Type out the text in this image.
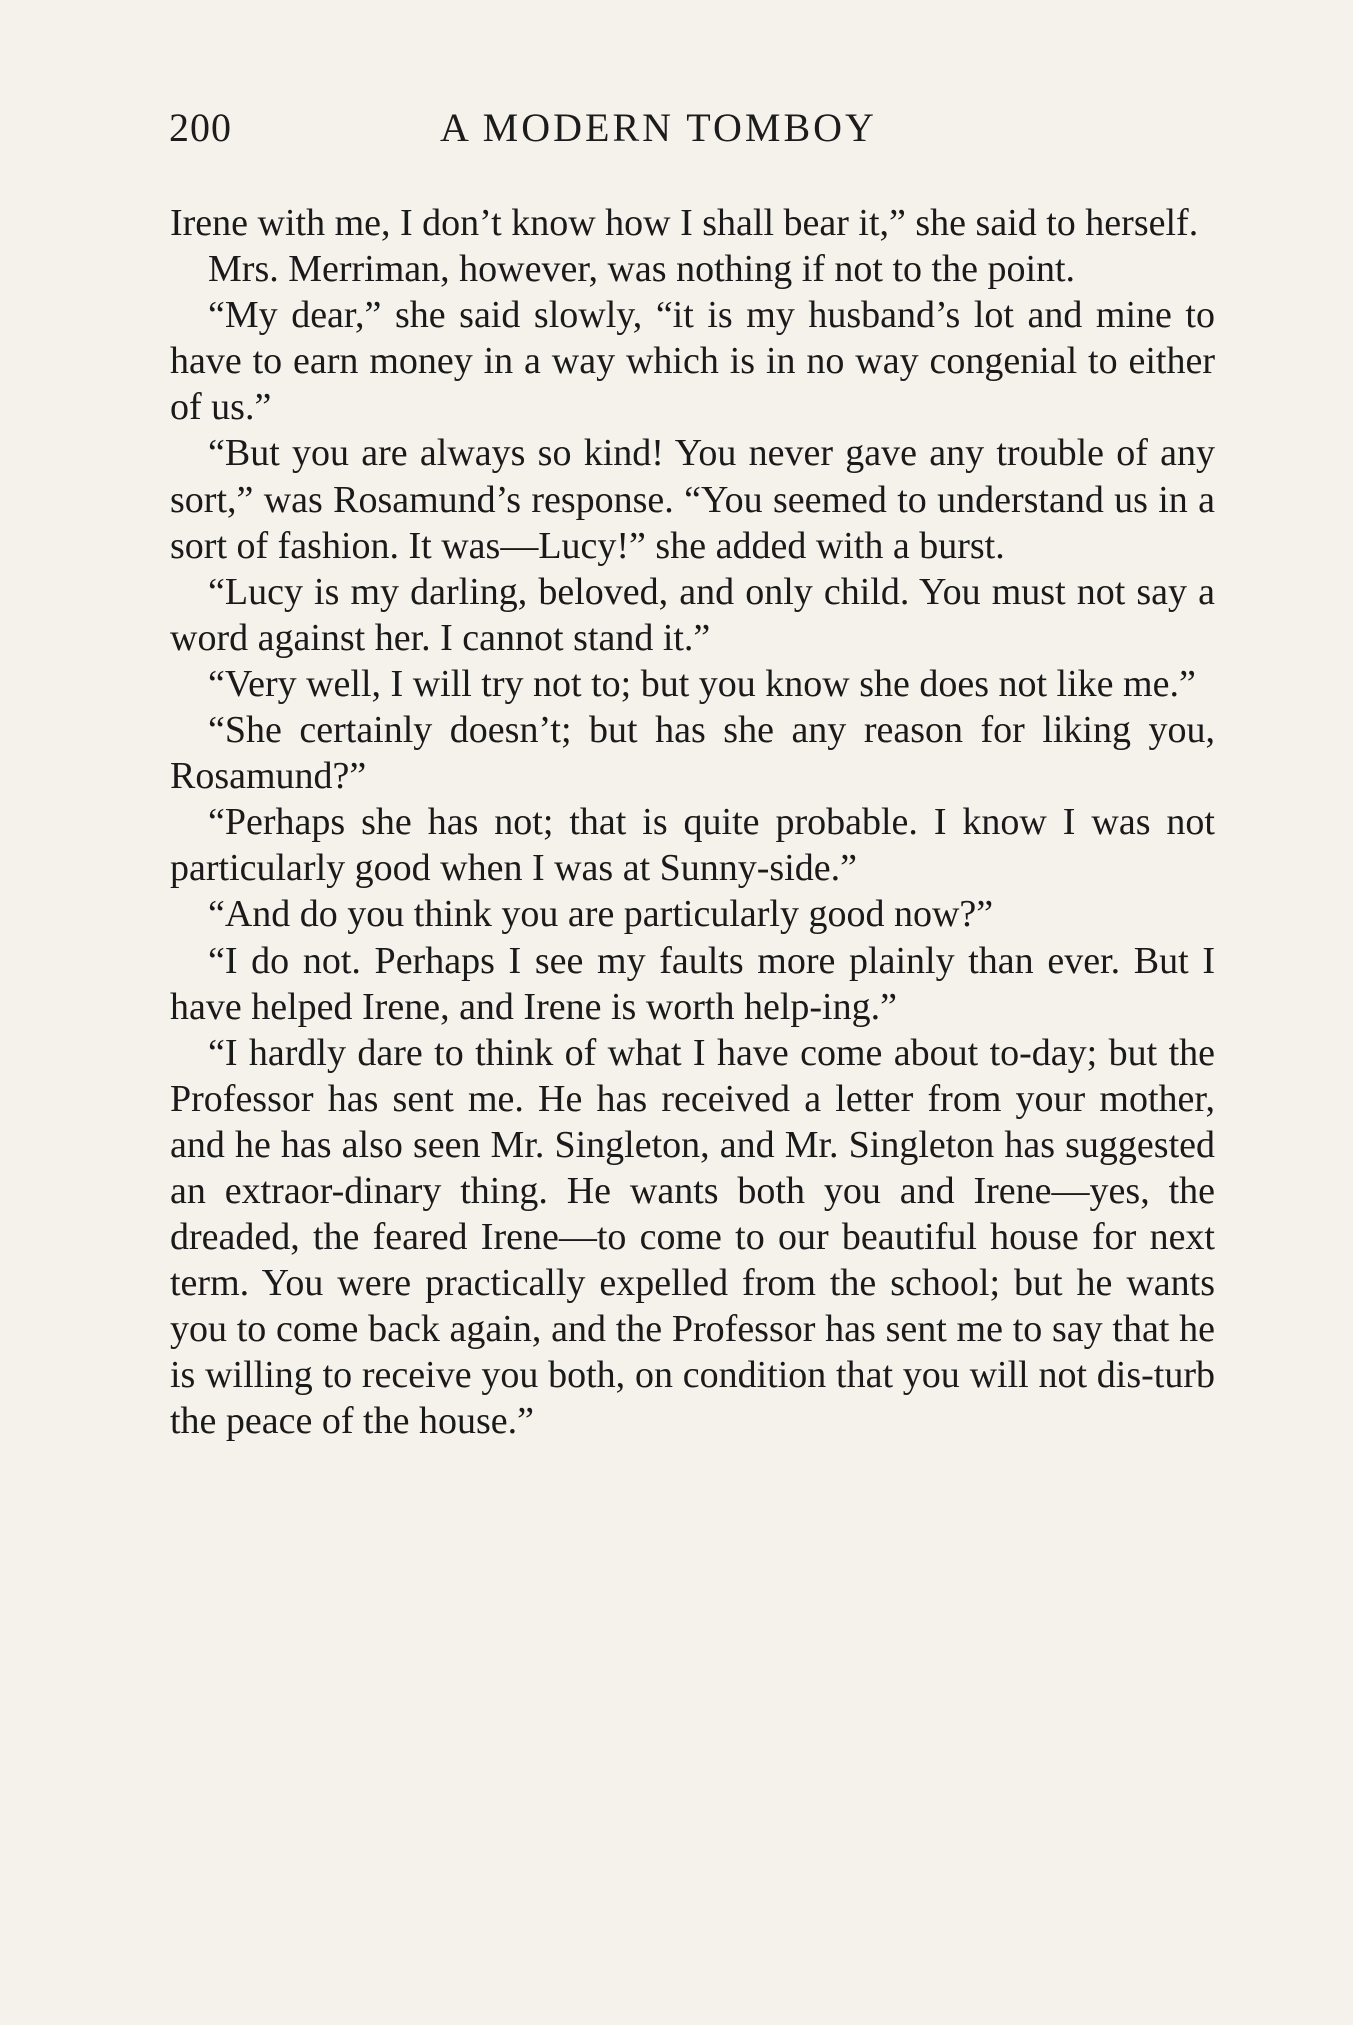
200	A MODERN TOMBOY

Irene with me, I don’t know how I shall bear it,” she said to herself.

Mrs. Merriman, however, was nothing if not to the point.

“My dear,” she said slowly, “it is my husband’s lot and mine to have to earn money in a way which is in no way congenial to either of us.”

“But you are always so kind! You never gave any trouble of any sort,” was Rosamund’s response. “You seemed to understand us in a sort of fashion. It was—Lucy!” she added with a burst.

“Lucy is my darling, beloved, and only child. You must not say a word against her. I cannot stand it.”

“Very well, I will try not to; but you know she does not like me.”

“She certainly doesn’t; but has she any reason for liking you, Rosamund?”

“Perhaps she has not; that is quite probable. I know I was not particularly good when I was at Sunny-side.”

“And do you think you are particularly good now?”

“I do not. Perhaps I see my faults more plainly than ever. But I have helped Irene, and Irene is worth help-ing.”

“I hardly dare to think of what I have come about to-day; but the Professor has sent me. He has received a letter from your mother, and he has also seen Mr. Singleton, and Mr. Singleton has suggested an extraor-dinary thing. He wants both you and Irene—yes, the dreaded, the feared Irene—to come to our beautiful house for next term. You were practically expelled from the school; but he wants you to come back again, and the Professor has sent me to say that he is willing to receive you both, on condition that you will not dis-turb the peace of the house.”
